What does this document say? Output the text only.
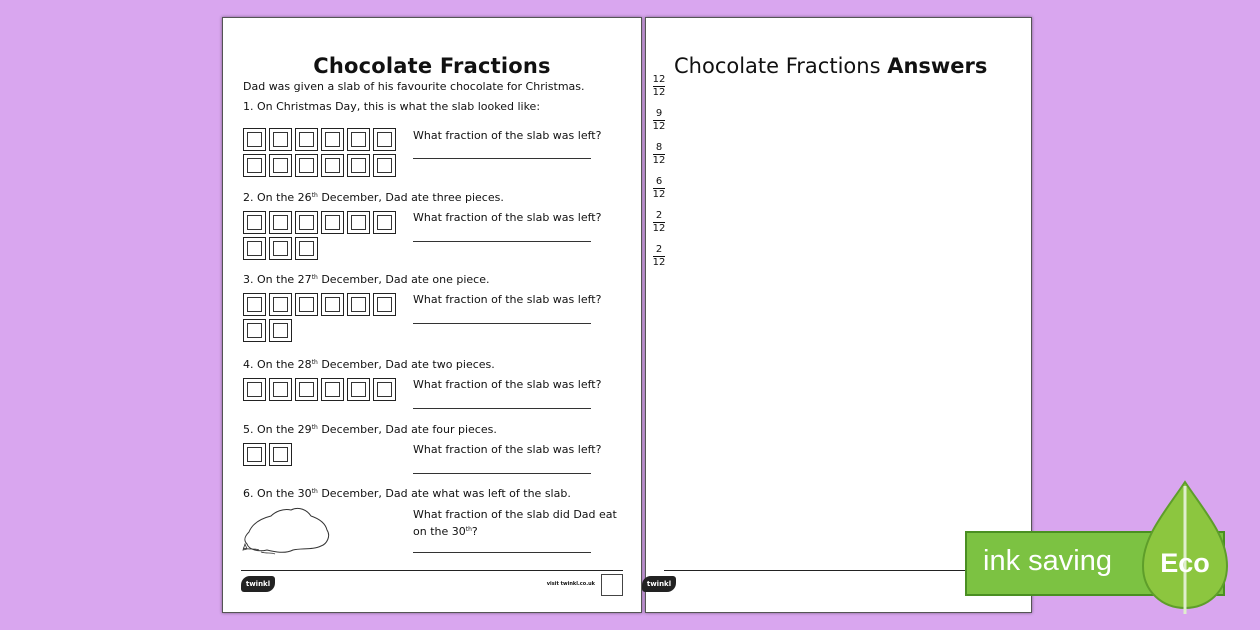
Chocolate Fractions
Dad was given a slab of his favourite chocolate for Christmas.
1. On Christmas Day, this is what the slab looked like:
What fraction of the slab was left?
2. On the 26th December, Dad ate three pieces.
What fraction of the slab was left?
3. On the 27th December, Dad ate one piece.
What fraction of the slab was left?
4. On the 28th December, Dad ate two pieces.
What fraction of the slab was left?
5. On the 29th December, Dad ate four pieces.
What fraction of the slab was left?
6. On the 30th December, Dad ate what was left of the slab.
What fraction of the slab did Dad eat
on the 30th?
twinkl	visit twinkl.co.uk
Chocolate Fractions Answers
12
12
9
12
8
12
6
12
2
12
2
12
twinkl
ink saving Eco
